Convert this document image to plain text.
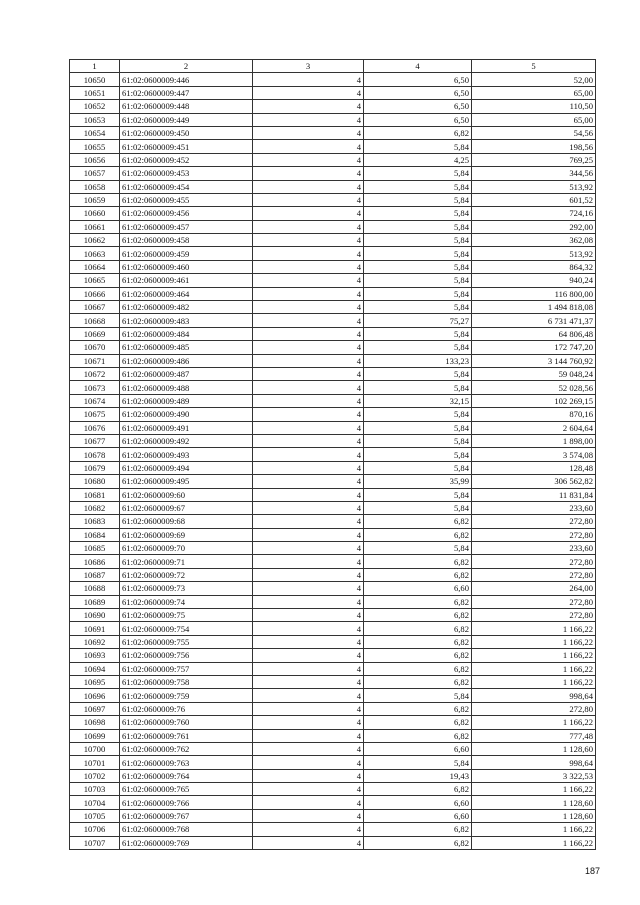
1	2	3	4	5
10650	61:02:0600009:446	4	6,50	52,00
10651	61:02:0600009:447	4	6,50	65,00
10652	61:02:0600009:448	4	6,50	110,50
10653	61:02:0600009:449	4	6,50	65,00
10654	61:02:0600009:450	4	6,82	54,56
10655	61:02:0600009:451	4	5,84	198,56
10656	61:02:0600009:452	4	4,25	769,25
10657	61:02:0600009:453	4	5,84	344,56
10658	61:02:0600009:454	4	5,84	513,92
10659	61:02:0600009:455	4	5,84	601,52
10660	61:02:0600009:456	4	5,84	724,16
10661	61:02:0600009:457	4	5,84	292,00
10662	61:02:0600009:458	4	5,84	362,08
10663	61:02:0600009:459	4	5,84	513,92
10664	61:02:0600009:460	4	5,84	864,32
10665	61:02:0600009:461	4	5,84	940,24
10666	61:02:0600009:464	4	5,84	116 800,00
10667	61:02:0600009:482	4	5,84	1 494 818,08
10668	61:02:0600009:483	4	75,27	6 731 471,37
10669	61:02:0600009:484	4	5,84	64 806,48
10670	61:02:0600009:485	4	5,84	172 747,20
10671	61:02:0600009:486	4	133,23	3 144 760,92
10672	61:02:0600009:487	4	5,84	59 048,24
10673	61:02:0600009:488	4	5,84	52 028,56
10674	61:02:0600009:489	4	32,15	102 269,15
10675	61:02:0600009:490	4	5,84	870,16
10676	61:02:0600009:491	4	5,84	2 604,64
10677	61:02:0600009:492	4	5,84	1 898,00
10678	61:02:0600009:493	4	5,84	3 574,08
10679	61:02:0600009:494	4	5,84	128,48
10680	61:02:0600009:495	4	35,99	306 562,82
10681	61:02:0600009:60	4	5,84	11 831,84
10682	61:02:0600009:67	4	5,84	233,60
10683	61:02:0600009:68	4	6,82	272,80
10684	61:02:0600009:69	4	6,82	272,80
10685	61:02:0600009:70	4	5,84	233,60
10686	61:02:0600009:71	4	6,82	272,80
10687	61:02:0600009:72	4	6,82	272,80
10688	61:02:0600009:73	4	6,60	264,00
10689	61:02:0600009:74	4	6,82	272,80
10690	61:02:0600009:75	4	6,82	272,80
10691	61:02:0600009:754	4	6,82	1 166,22
10692	61:02:0600009:755	4	6,82	1 166,22
10693	61:02:0600009:756	4	6,82	1 166,22
10694	61:02:0600009:757	4	6,82	1 166,22
10695	61:02:0600009:758	4	6,82	1 166,22
10696	61:02:0600009:759	4	5,84	998,64
10697	61:02:0600009:76	4	6,82	272,80
10698	61:02:0600009:760	4	6,82	1 166,22
10699	61:02:0600009:761	4	6,82	777,48
10700	61:02:0600009:762	4	6,60	1 128,60
10701	61:02:0600009:763	4	5,84	998,64
10702	61:02:0600009:764	4	19,43	3 322,53
10703	61:02:0600009:765	4	6,82	1 166,22
10704	61:02:0600009:766	4	6,60	1 128,60
10705	61:02:0600009:767	4	6,60	1 128,60
10706	61:02:0600009:768	4	6,82	1 166,22
10707	61:02:0600009:769	4	6,82	1 166,22
187
